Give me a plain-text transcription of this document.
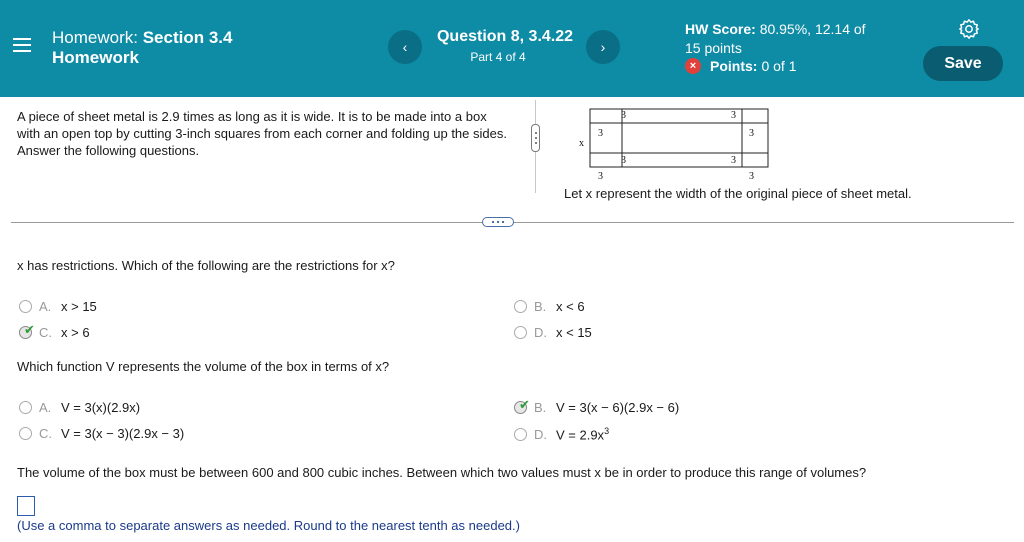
Homework: Section 3.4
Homework
‹
Question 8, 3.4.22
Part 4 of 4
›
HW Score: 80.95%, 12.14 of
15 points
× Points: 0 of 1	Save
A piece of sheet metal is 2.9 times as long as it is wide. It is to be made into a box with an open top by cutting 3-inch squares from each corner and folding up the sides. Answer the following questions.	x
3	3
3	3
3	3
3	3
Let x represent the width of the original piece of sheet metal.
x has restrictions. Which of the following are the restrictions for x?
A. x > 15	B. x < 6
✔ C. x > 6	D. x < 15
Which function V represents the volume of the box in terms of x?
A. V = 3(x)(2.9x)	✔ B. V = 3(x − 6)(2.9x − 6)
C. V = 3(x − 3)(2.9x − 3)	D. $V = 2.9x^3$
The volume of the box must be between 600 and 800 cubic inches. Between which two values must x be in order to produce this range of volumes?
(Use a comma to separate answers as needed. Round to the nearest tenth as needed.)
